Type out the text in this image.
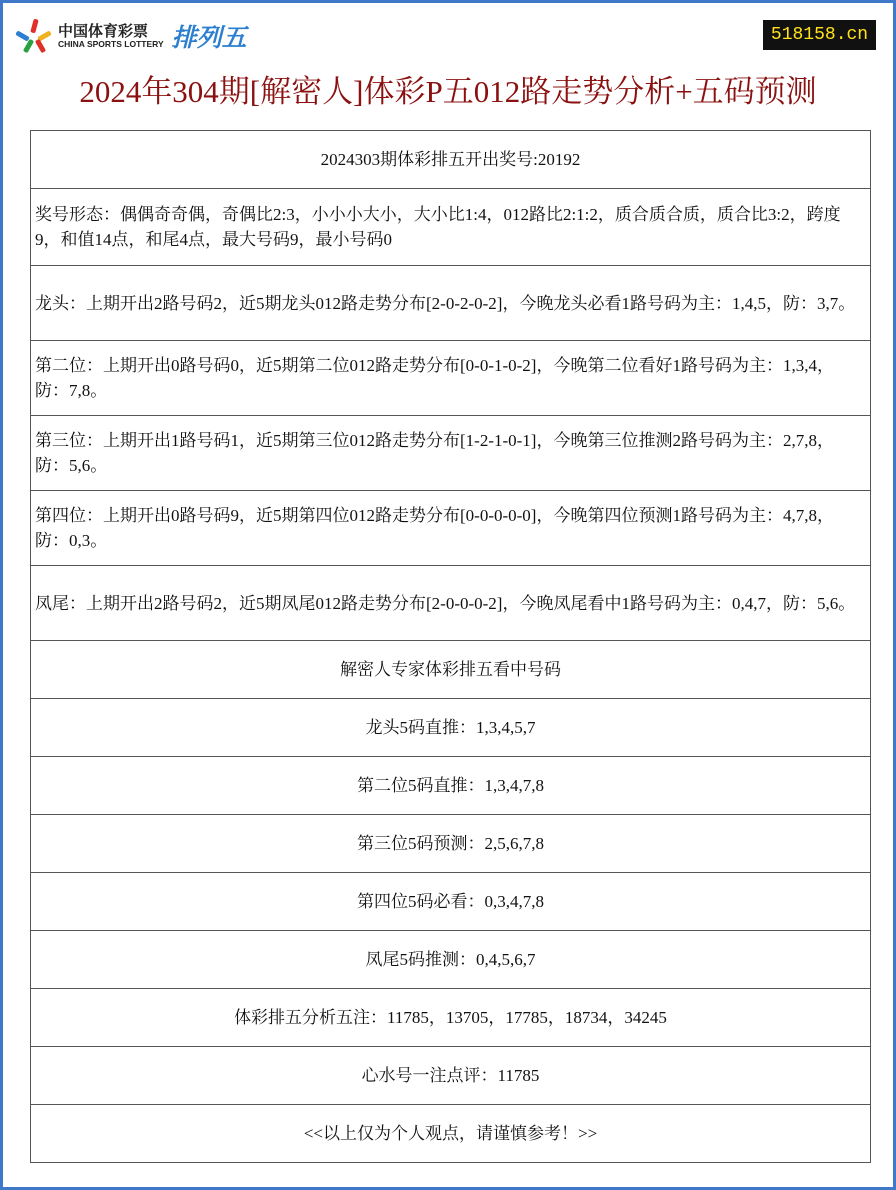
中国体育彩票
CHINA SPORTS LOTTERY 排列五	518158.cn
2024年304期[解密人]体彩P五012路走势分析+五码预测
2024303期体彩排五开出奖号:20192
奖号形态：偶偶奇奇偶，奇偶比2:3，小小小大小，大小比1:4，012路比2:1:2，质合质合质，质合比3:2，跨度9，和值14点，和尾4点，最大号码9，最小号码0
龙头：上期开出2路号码2，近5期龙头012路走势分布[2-0-2-0-2]，今晚龙头必看1路号码为主：1,4,5，防：3,7。
第二位：上期开出0路号码0，近5期第二位012路走势分布[0-0-1-0-2]，今晚第二位看好1路号码为主：1,3,4，防：7,8。
第三位：上期开出1路号码1，近5期第三位012路走势分布[1-2-1-0-1]，今晚第三位推测2路号码为主：2,7,8，防：5,6。
第四位：上期开出0路号码9，近5期第四位012路走势分布[0-0-0-0-0]，今晚第四位预测1路号码为主：4,7,8，防：0,3。
凤尾：上期开出2路号码2，近5期凤尾012路走势分布[2-0-0-0-2]，今晚凤尾看中1路号码为主：0,4,7，防：5,6。
解密人专家体彩排五看中号码
龙头5码直推：1,3,4,5,7
第二位5码直推：1,3,4,7,8
第三位5码预测：2,5,6,7,8
第四位5码必看：0,3,4,7,8
凤尾5码推测：0,4,5,6,7
体彩排五分析五注：11785，13705，17785，18734，34245
心水号一注点评：11785
<<以上仅为个人观点，请谨慎参考！>>
